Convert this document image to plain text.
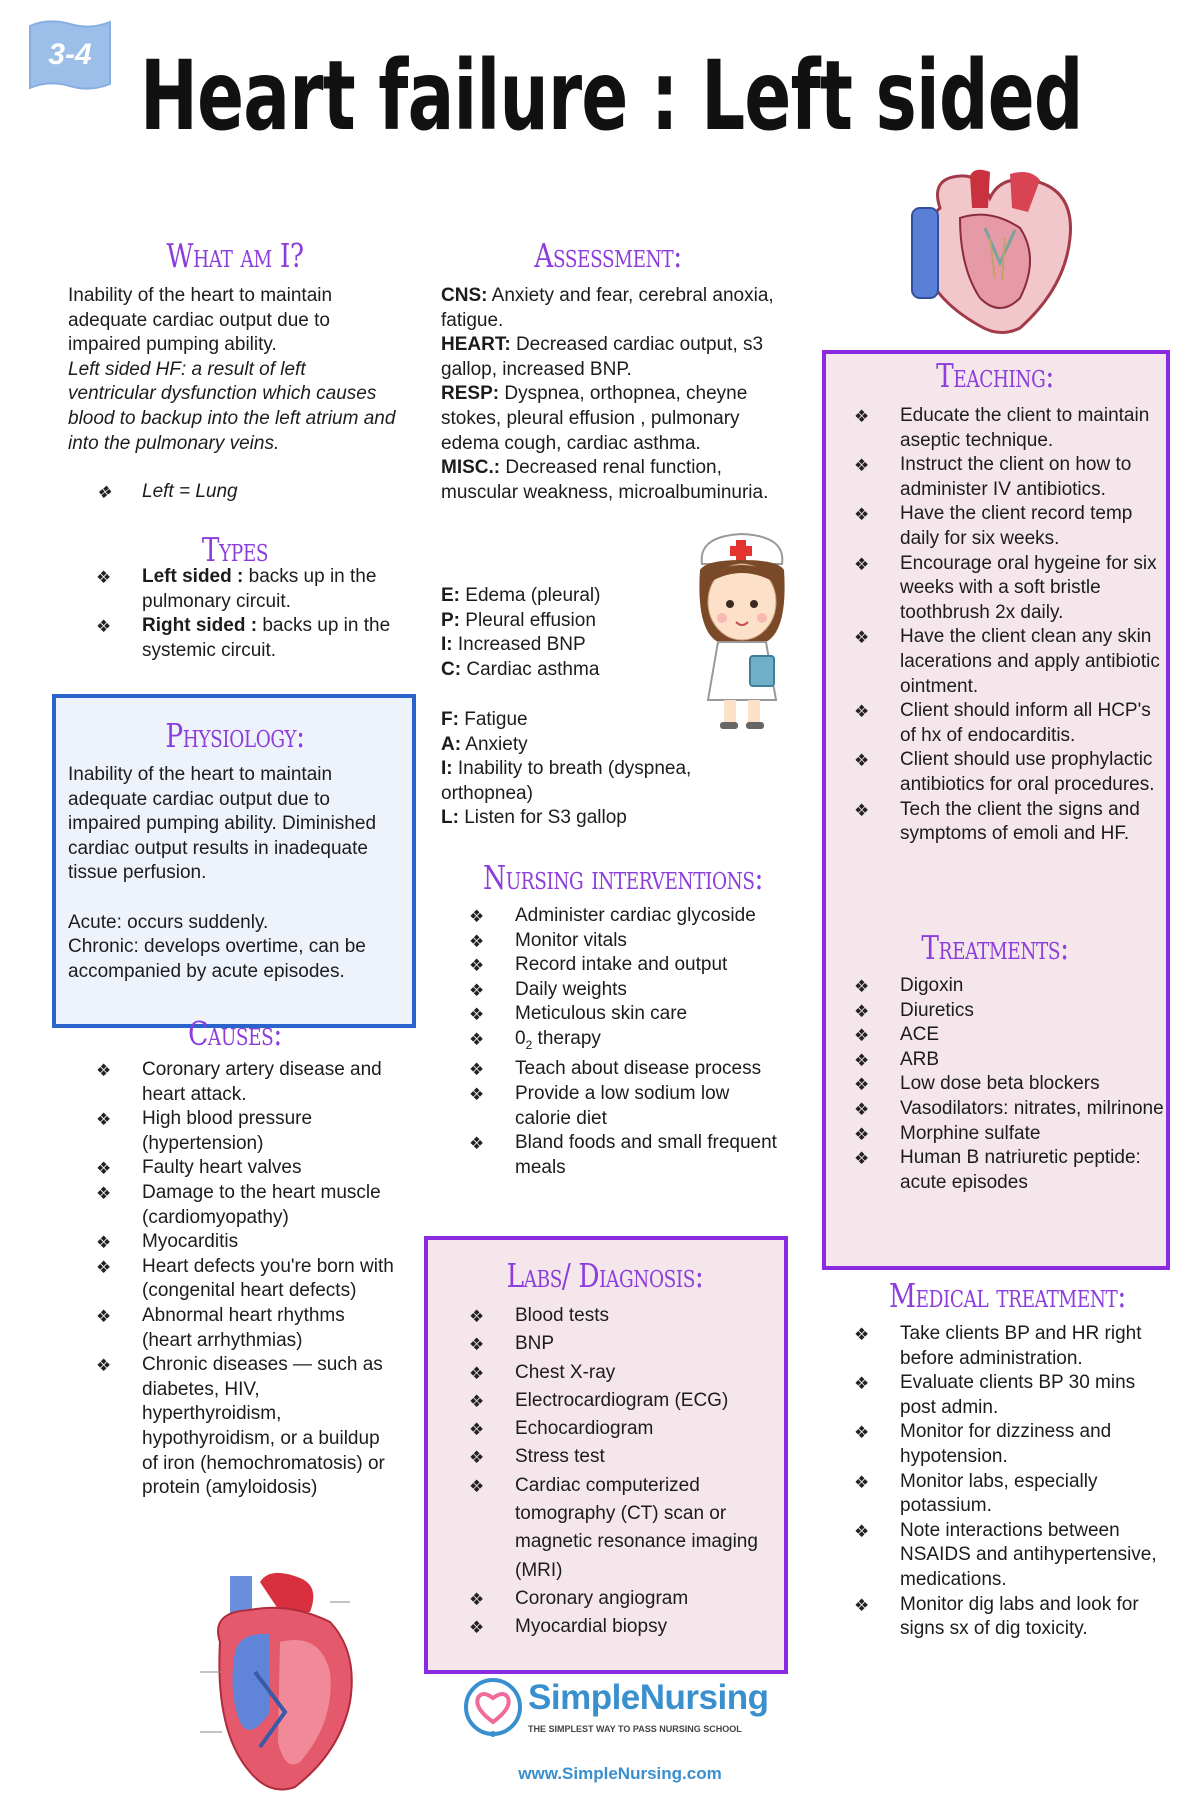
3-4 Heart failure : Left sided
What am I?

Inability of the heart to maintain adequate cardiac output due to impaired pumping ability.

Left sided HF: a result of left ventricular dysfunction which causes blood to backup into the left atrium and into the pulmonary veins.

❖ Left = Lung
Types
❖ Left sided : backs up in the pulmonary circuit.
❖ Right sided : backs up in the systemic circuit.
Physiology:

Inability of the heart to maintain adequate cardiac output due to impaired pumping ability. Diminished cardiac output results in inadequate tissue perfusion.

Acute: occurs suddenly.

Chronic: develops overtime, can be accompanied by acute episodes.

Causes:
❖ Coronary artery disease and heart attack.
❖ High blood pressure (hypertension)
❖ Faulty heart valves
❖ Damage to the heart muscle (cardiomyopathy)
❖ Myocarditis
❖ Heart defects you're born with (congenital heart defects)
❖ Abnormal heart rhythms (heart arrhythmias)
❖ Chronic diseases — such as diabetes, HIV, hyperthyroidism, hypothyroidism, or a buildup of iron (hemochromatosis) or protein (amyloidosis)
Assessment:

CNS: Anxiety and fear, cerebral anoxia, fatigue.

HEART: Decreased cardiac output, s3 gallop, increased BNP.

RESP: Dyspnea, orthopnea, cheyne stokes, pleural effusion , pulmonary edema cough, cardiac asthma.

MISC.: Decreased renal function, muscular weakness, microalbuminuria.

E: Edema (pleural)

P: Pleural effusion

I: Increased BNP

C: Cardiac asthma

F: Fatigue

A: Anxiety

I: Inability to breath (dyspnea, orthopnea)

L: Listen for S3 gallop

Nursing interventions:
❖ Administer cardiac glycoside
❖ Monitor vitals
❖ Record intake and output
❖ Daily weights
❖ Meticulous skin care
❖ $0_2$ therapy
❖ Teach about disease process
❖ Provide a low sodium low calorie diet
❖ Bland foods and small frequent meals
Labs/ Diagnosis:
❖ Blood tests
❖ BNP
❖ Chest X-ray
❖ Electrocardiogram (ECG)
❖ Echocardiogram
❖ Stress test
❖ Cardiac computerized tomography (CT) scan or magnetic resonance imaging (MRI)
❖ Coronary angiogram
❖ Myocardial biopsy
SimpleNursing
THE SIMPLEST WAY TO PASS NURSING SCHOOL
www.SimpleNursing.com
Teaching:
❖ Educate the client to maintain aseptic technique.
❖ Instruct the client on how to administer IV antibiotics.
❖ Have the client record temp daily for six weeks.
❖ Encourage oral hygeine for six weeks with a soft bristle toothbrush 2x daily.
❖ Have the client clean any skin lacerations and apply antibiotic ointment.
❖ Client should inform all HCP's of hx of endocarditis.
❖ Client should use prophylactic antibiotics for oral procedures.
❖ Tech the client the signs and symptoms of emoli and HF.
Treatments:
❖ Digoxin
❖ Diuretics
❖ ACE
❖ ARB
❖ Low dose beta blockers
❖ Vasodilators: nitrates, milrinone
❖ Morphine sulfate
❖ Human B natriuretic peptide: acute episodes
Medical treatment:
❖ Take clients BP and HR right before administration.
❖ Evaluate clients BP 30 mins post admin.
❖ Monitor for dizziness and hypotension.
❖ Monitor labs, especially potassium.
❖ Note interactions between NSAIDS and antihypertensive, medications.
❖ Monitor dig labs and look for signs sx of dig toxicity.
